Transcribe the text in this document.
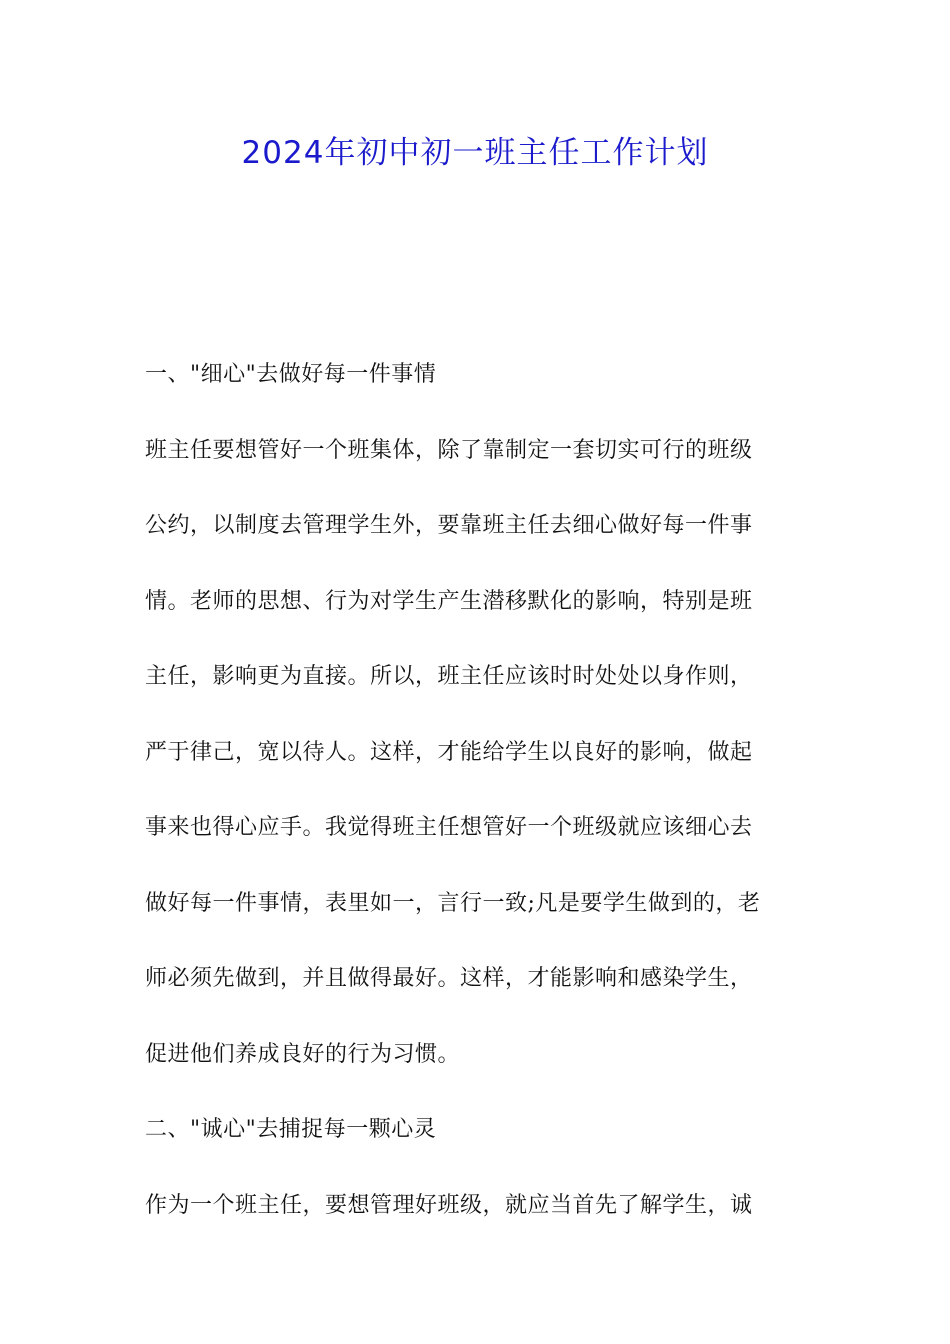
2024年初中初一班主任工作计划

一、"细心"去做好每一件事情

班主任要想管好一个班集体，除了靠制定一套切实可行的班级

公约，以制度去管理学生外，要靠班主任去细心做好每一件事

情。老师的思想、行为对学生产生潜移默化的影响，特别是班

主任，影响更为直接。所以，班主任应该时时处处以身作则，

严于律己，宽以待人。这样，才能给学生以良好的影响，做起

事来也得心应手。我觉得班主任想管好一个班级就应该细心去

做好每一件事情，表里如一，言行一致;凡是要学生做到的，老

师必须先做到，并且做得最好。这样，才能影响和感染学生，

促进他们养成良好的行为习惯。

二、"诚心"去捕捉每一颗心灵

作为一个班主任，要想管理好班级，就应当首先了解学生，诚
